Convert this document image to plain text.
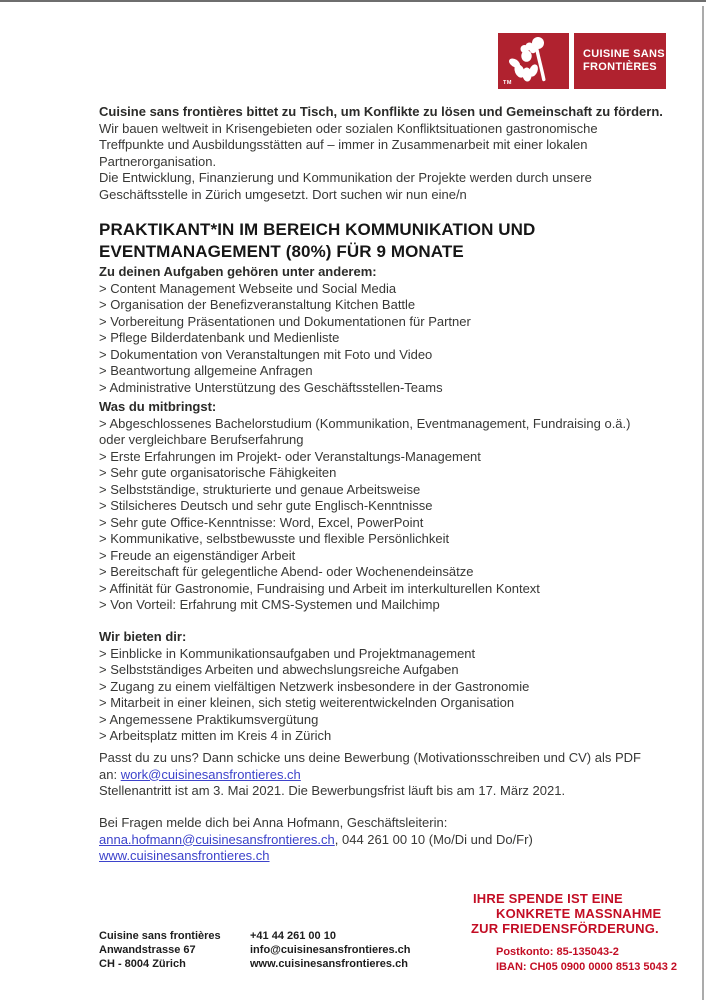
TM
CUISINE SANS
FRONTIÈRES
Cuisine sans frontières bittet zu Tisch, um Konflikte zu lösen und Gemeinschaft zu fördern.
Wir bauen weltweit in Krisengebieten oder sozialen Konfliktsituationen gastronomische
Treffpunkte und Ausbildungsstätten auf – immer in Zusammenarbeit mit einer lokalen
Partnerorganisation.
Die Entwicklung, Finanzierung und Kommunikation der Projekte werden durch unsere
Geschäftsstelle in Zürich umgesetzt. Dort suchen wir nun eine/n
PRAKTIKANT*IN IM BEREICH KOMMUNIKATION UND
EVENTMANAGEMENT (80%) FÜR 9 MONATE
Zu deinen Aufgaben gehören unter anderem:
> Content Management Webseite und Social Media
> Organisation der Benefizveranstaltung Kitchen Battle
> Vorbereitung Präsentationen und Dokumentationen für Partner
> Pflege Bilderdatenbank und Medienliste
> Dokumentation von Veranstaltungen mit Foto und Video
> Beantwortung allgemeine Anfragen
> Administrative Unterstützung des Geschäftsstellen-Teams
Was du mitbringst:
> Abgeschlossenes Bachelorstudium (Kommunikation, Eventmanagement, Fundraising o.ä.)
oder vergleichbare Berufserfahrung
> Erste Erfahrungen im Projekt- oder Veranstaltungs-Management
> Sehr gute organisatorische Fähigkeiten
> Selbstständige, strukturierte und genaue Arbeitsweise
> Stilsicheres Deutsch und sehr gute Englisch-Kenntnisse
> Sehr gute Office-Kenntnisse: Word, Excel, PowerPoint
> Kommunikative, selbstbewusste und flexible Persönlichkeit
> Freude an eigenständiger Arbeit
> Bereitschaft für gelegentliche Abend- oder Wochenendeinsätze
> Affinität für Gastronomie, Fundraising und Arbeit im interkulturellen Kontext
> Von Vorteil: Erfahrung mit CMS-Systemen und Mailchimp
Wir bieten dir:
> Einblicke in Kommunikationsaufgaben und Projektmanagement
> Selbstständiges Arbeiten und abwechslungsreiche Aufgaben
> Zugang zu einem vielfältigen Netzwerk insbesondere in der Gastronomie
> Mitarbeit in einer kleinen, sich stetig weiterentwickelnden Organisation
> Angemessene Praktikumsvergütung
> Arbeitsplatz mitten im Kreis 4 in Zürich
Passt du zu uns? Dann schicke uns deine Bewerbung (Motivationsschreiben und CV) als PDF
an: work@cuisinesansfrontieres.ch
Stellenantritt ist am 3. Mai 2021. Die Bewerbungsfrist läuft bis am 17. März 2021.
Bei Fragen melde dich bei Anna Hofmann, Geschäftsleiterin:
anna.hofmann@cuisinesansfrontieres.ch, 044 261 00 10 (Mo/Di und Do/Fr)
www.cuisinesansfrontieres.ch
Cuisine sans frontières
Anwandstrasse 67
CH - 8004 Zürich
+41 44 261 00 10
info@cuisinesansfrontieres.ch
www.cuisinesansfrontieres.ch
IHRE SPENDE IST EINE
KONKRETE MASSNAHME
ZUR FRIEDENSFÖRDERUNG.
Postkonto: 85-135043-2
IBAN: CH05 0900 0000 8513 5043 2
